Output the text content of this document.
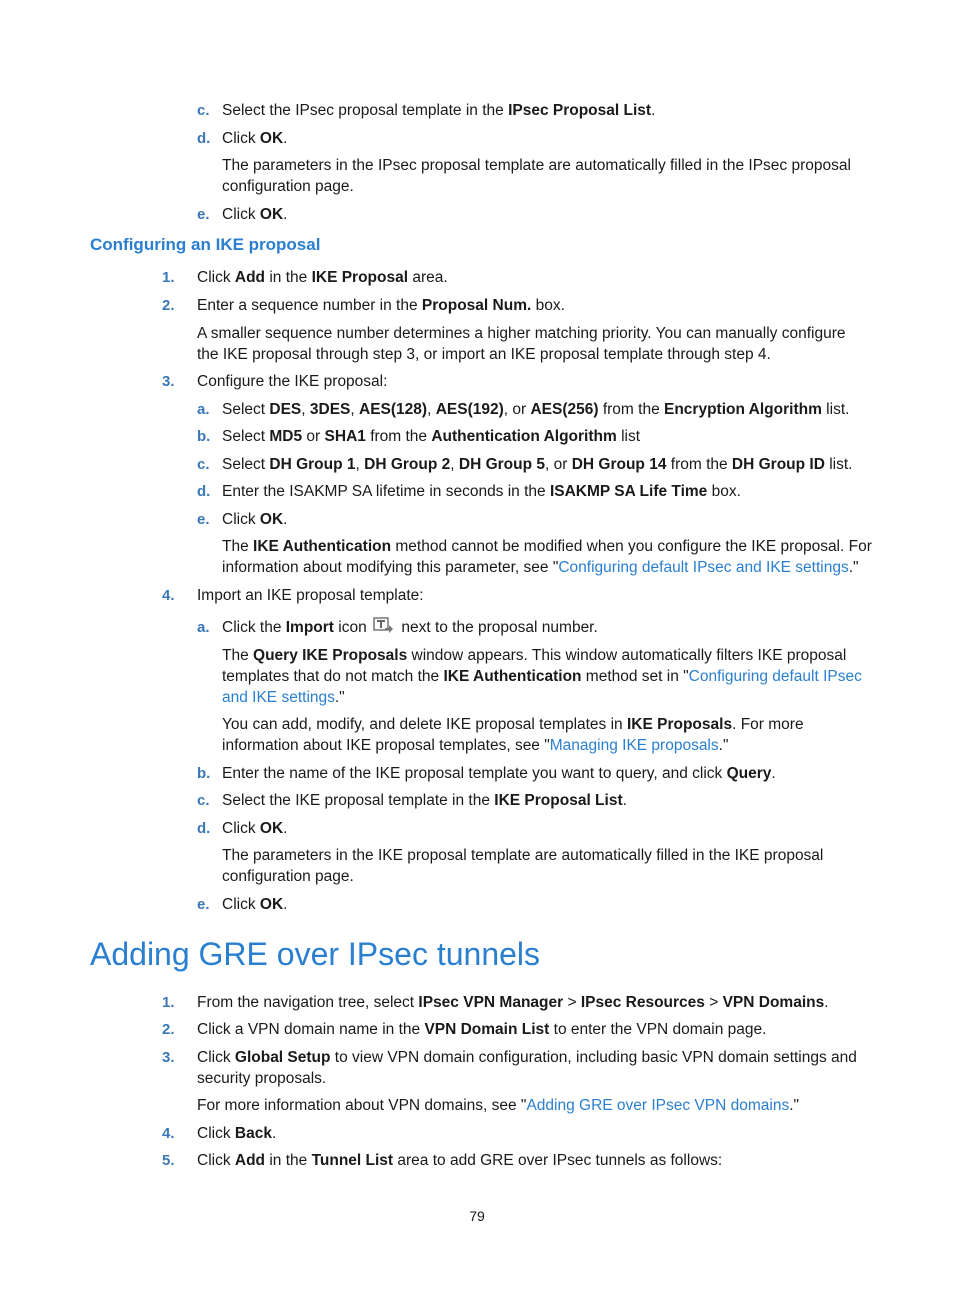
c. Select the IPsec proposal template in the IPsec Proposal List.
d. Click OK.
The parameters in the IPsec proposal template are automatically filled in the IPsec proposal
configuration page.
e. Click OK.
Configuring an IKE proposal
1. Click Add in the IKE Proposal area.
2. Enter a sequence number in the Proposal Num. box.
A smaller sequence number determines a higher matching priority. You can manually configure
the IKE proposal through step 3, or import an IKE proposal template through step 4.
3. Configure the IKE proposal:
a. Select DES, 3DES, AES(128), AES(192), or AES(256) from the Encryption Algorithm list.
b. Select MD5 or SHA1 from the Authentication Algorithm list
c. Select DH Group 1, DH Group 2, DH Group 5, or DH Group 14 from the DH Group ID list.
d. Enter the ISAKMP SA lifetime in seconds in the ISAKMP SA Life Time box.
e. Click OK.
The IKE Authentication method cannot be modified when you configure the IKE proposal. For
information about modifying this parameter, see "Configuring default IPsec and IKE settings."
4. Import an IKE proposal template:
a. Click the Import icon  next to the proposal number.
The Query IKE Proposals window appears. This window automatically filters IKE proposal
templates that do not match the IKE Authentication method set in "Configuring default IPsec
and IKE settings."
You can add, modify, and delete IKE proposal templates in IKE Proposals. For more
information about IKE proposal templates, see "Managing IKE proposals."
b. Enter the name of the IKE proposal template you want to query, and click Query.
c. Select the IKE proposal template in the IKE Proposal List.
d. Click OK.
The parameters in the IKE proposal template are automatically filled in the IKE proposal
configuration page.
e. Click OK.
Adding GRE over IPsec tunnels
1. From the navigation tree, select IPsec VPN Manager > IPsec Resources > VPN Domains.
2. Click a VPN domain name in the VPN Domain List to enter the VPN domain page.
3. Click Global Setup to view VPN domain configuration, including basic VPN domain settings and
security proposals.
For more information about VPN domains, see "Adding GRE over IPsec VPN domains."
4. Click Back.
5. Click Add in the Tunnel List area to add GRE over IPsec tunnels as follows:
79
